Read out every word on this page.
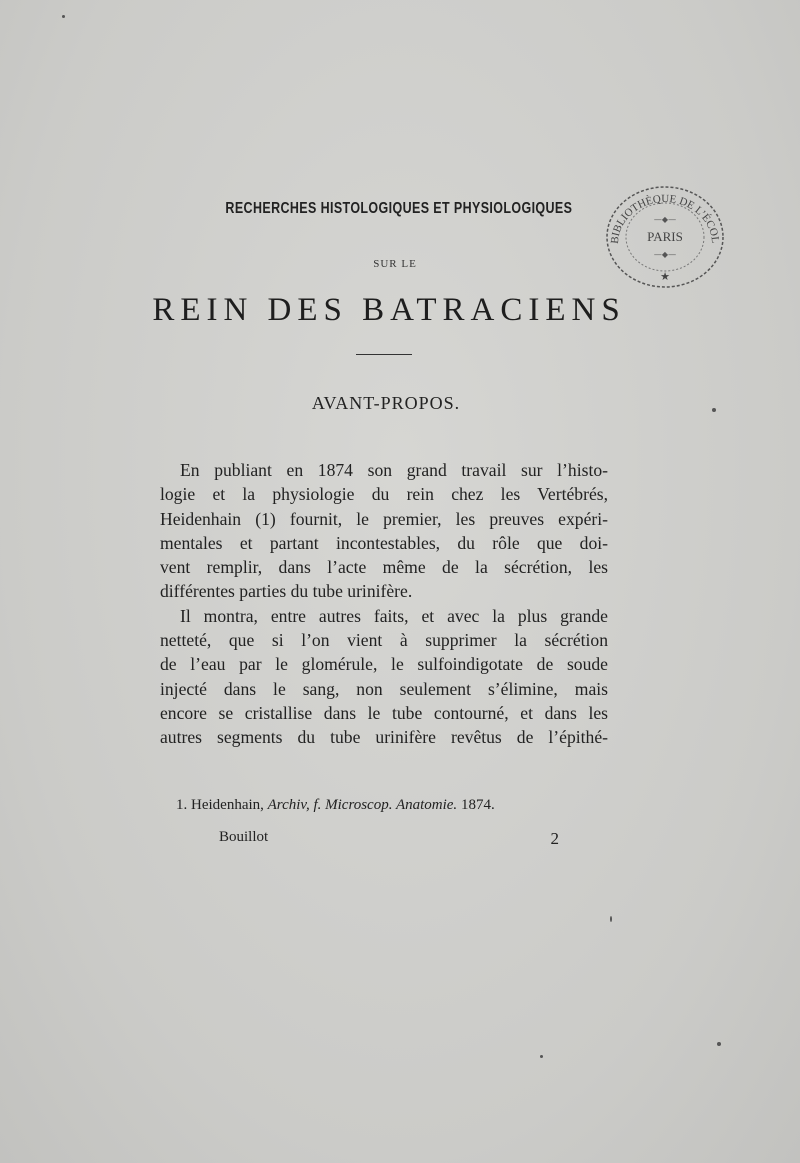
RECHERCHES HISTOLOGIQUES ET PHYSIOLOGIQUES
SUR LE
REIN DES BATRACIENS
AVANT-PROPOS.
BIBLIOTHÈQUE DE L’ÉCOL
PARIS
—◆—
—◆—
★

En publiant en 1874 son grand travail sur l’histo-
logie et la physiologie du rein chez les Vertébrés,
Heidenhain (1) fournit, le premier, les preuves expéri-
mentales et partant incontestables, du rôle que doi-
vent remplir, dans l’acte même de la sécrétion, les
différentes parties du tube urinifère.

Il montra, entre autres faits, et avec la plus grande
netteté, que si l’on vient à supprimer la sécrétion
de l’eau par le glomérule, le sulfoindigotate de soude
injecté dans le sang, non seulement s’élimine, mais
encore se cristallise dans le tube contourné, et dans les
autres segments du tube urinifère revêtus de l’épithé-

1. Heidenhain, Archiv, f. Microscop. Anatomie. 1874.
Bouillot	2
